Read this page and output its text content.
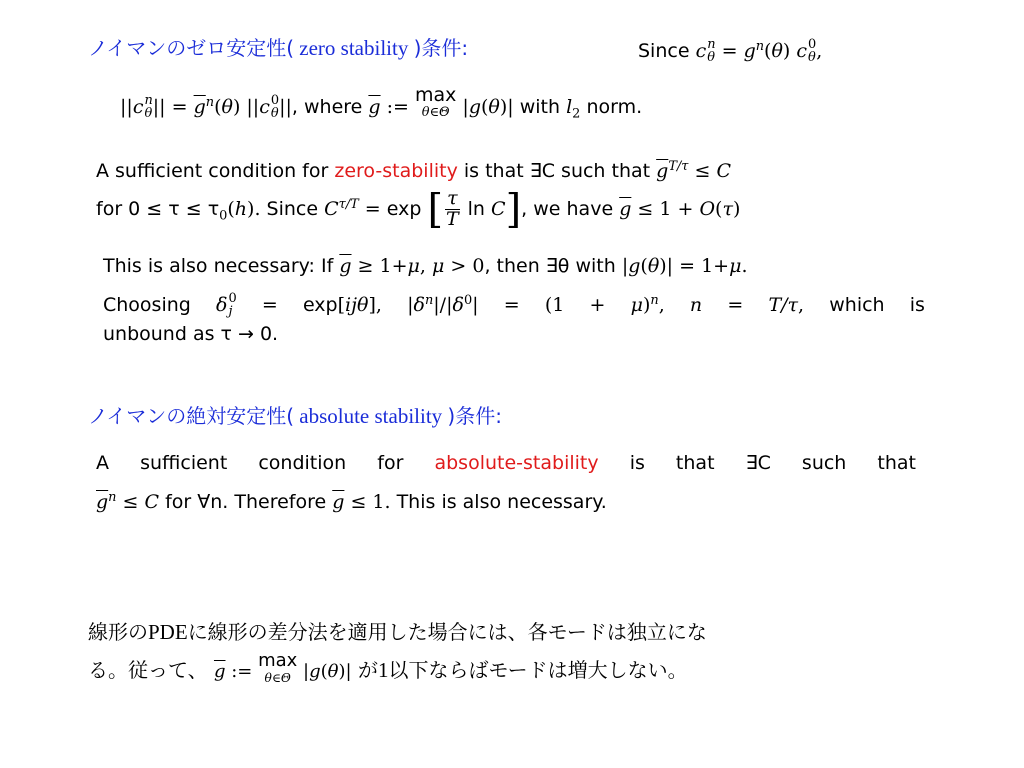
ノイマンのゼロ安定性( zero stability )条件:	Since c n
$\theta = g^n(\theta)$ c 0
θ ,
||c n
θ || = $\overline{g}^n(\theta)$ ||c 0
θ ||, where $\overline{g}$ := max
θ∈Θ |g(θ)| with $l_2$ norm.
A sufficient condition for zero-stability is that ∃C such that $\overline{g}^{T/\tau} \le C$
for $0 \le \tau \le \tau_0(h)$. Since $C^{\tau/T} = \exp$ [ $\frac{\tau}{T}$ ln C], we have $\overline{g} \le 1 + O(\tau)$
This is also necessary: If $\overline{g} \ge 1+\mu$, μ > 0, then ∃θ with |g(θ)| = 1+μ.
Choosing δ 0
j = exp[ijθ], $|\delta^n|/|\delta^0| = (1 + \mu)^n$, n = T/τ, which is
unbound as τ → 0.
ノイマンの絶対安定性( absolute stability )条件:
A sufficient condition for absolute-stability is that ∃C such that
$\overline{g}^n \le C$ for ∀n. Therefore $\overline{g} \le 1$. This is also necessary.
線形のPDEに線形の差分法を適用した場合には、各モードは独立にな
る。従って、 $\overline{g}$ := max
θ∈Θ |g(θ)| が1以下ならばモードは増大しない。
